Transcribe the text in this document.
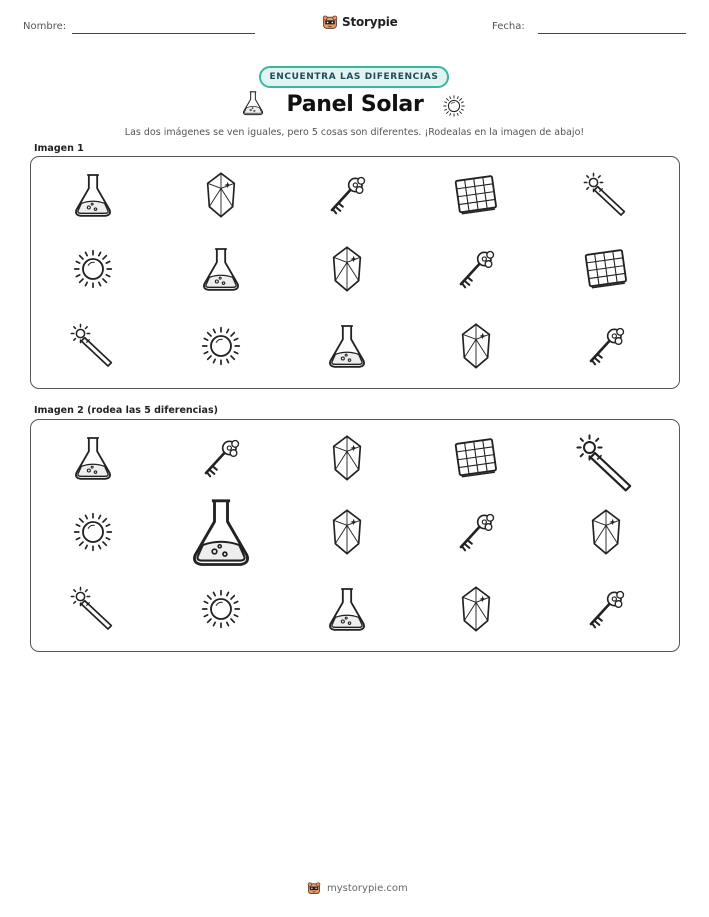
Nombre:	Storypie	Fecha:
ENCUENTRA LAS DIFERENCIAS
Panel Solar
Las dos imágenes se ven iguales, pero 5 cosas son diferentes. ¡Rodealas en la imagen de abajo!
Imagen 1
Imagen 2 (rodea las 5 diferencias)
mystorypie.com
